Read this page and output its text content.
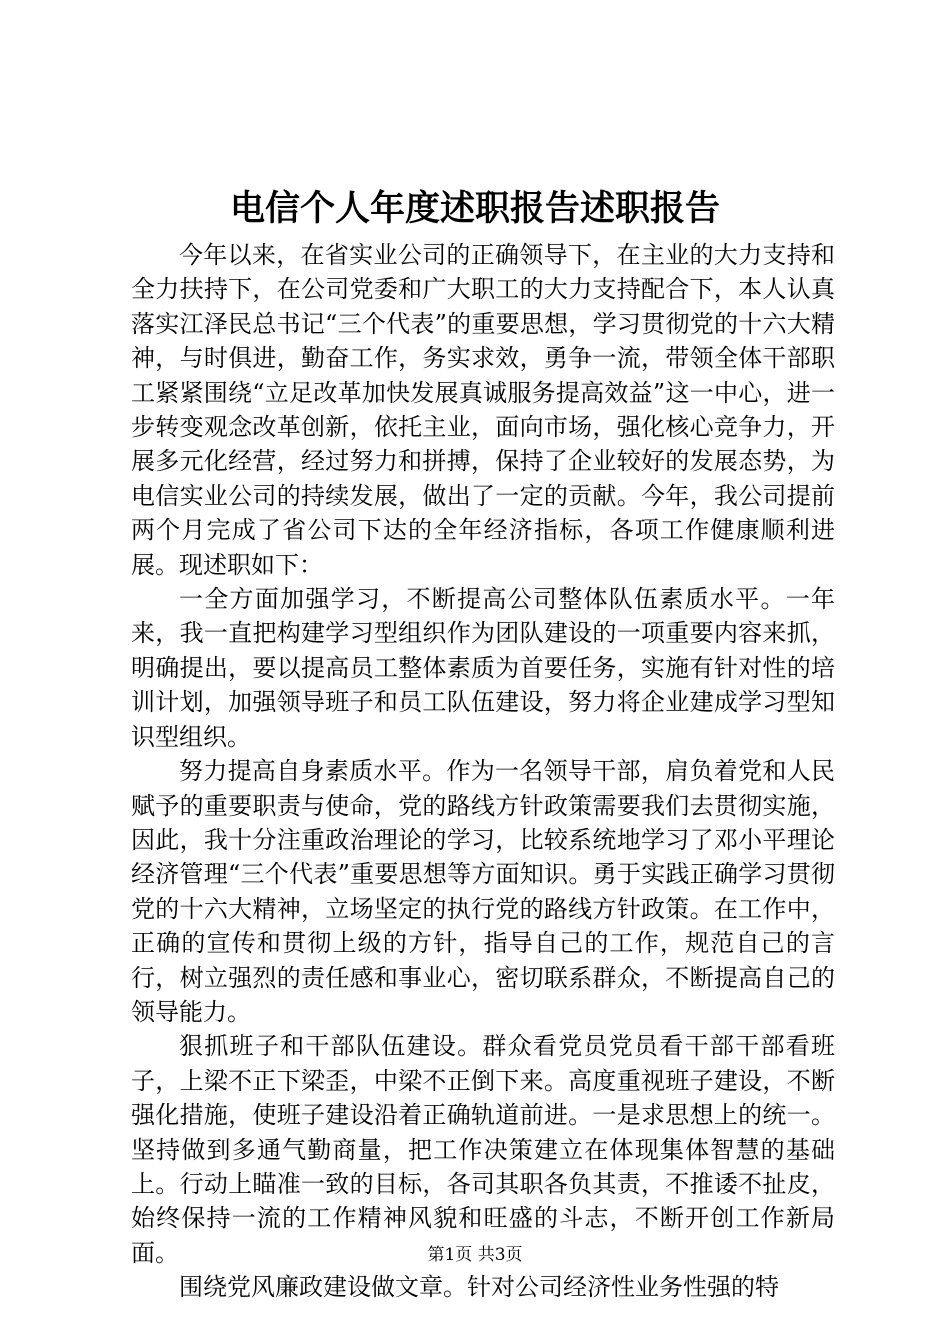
电信个人年度述职报告述职报告

今年以来，在省实业公司的正确领导下，在主业的大力支持和全力扶持下，在公司党委和广大职工的大力支持配合下，本人认真落实江泽民总书记“三个代表”的重要思想，学习贯彻党的十六大精神，与时俱进，勤奋工作，务实求效，勇争一流，带领全体干部职工紧紧围绕“立足改革加快发展真诚服务提高效益”这一中心，进一步转变观念改革创新，依托主业，面向市场，强化核心竞争力，开展多元化经营，经过努力和拼搏，保持了企业较好的发展态势，为电信实业公司的持续发展，做出了一定的贡献。今年，我公司提前两个月完成了省公司下达的全年经济指标，各项工作健康顺利进展。现述职如下：

一全方面加强学习，不断提高公司整体队伍素质水平。一年来，我一直把构建学习型组织作为团队建设的一项重要内容来抓，明确提出，要以提高员工整体素质为首要任务，实施有针对性的培训计划，加强领导班子和员工队伍建设，努力将企业建成学习型知识型组织。

努力提高自身素质水平。作为一名领导干部，肩负着党和人民赋予的重要职责与使命，党的路线方针政策需要我们去贯彻实施，因此，我十分注重政治理论的学习，比较系统地学习了邓小平理论经济管理“三个代表”重要思想等方面知识。勇于实践正确学习贯彻党的十六大精神，立场坚定的执行党的路线方针政策。在工作中，正确的宣传和贯彻上级的方针，指导自己的工作，规范自己的言行，树立强烈的责任感和事业心，密切联系群众，不断提高自己的领导能力。

狠抓班子和干部队伍建设。群众看党员党员看干部干部看班子，上梁不正下梁歪，中梁不正倒下来。高度重视班子建设，不断强化措施，使班子建设沿着正确轨道前进。一是求思想上的统一。坚持做到多通气勤商量，把工作决策建立在体现集体智慧的基础上。行动上瞄准一致的目标，各司其职各负其责，不推诿不扯皮，始终保持一流的工作精神风貌和旺盛的斗志，不断开创工作新局面。

围绕党风廉政建设做文章。针对公司经济性业务性强的特

第1页 共3页
